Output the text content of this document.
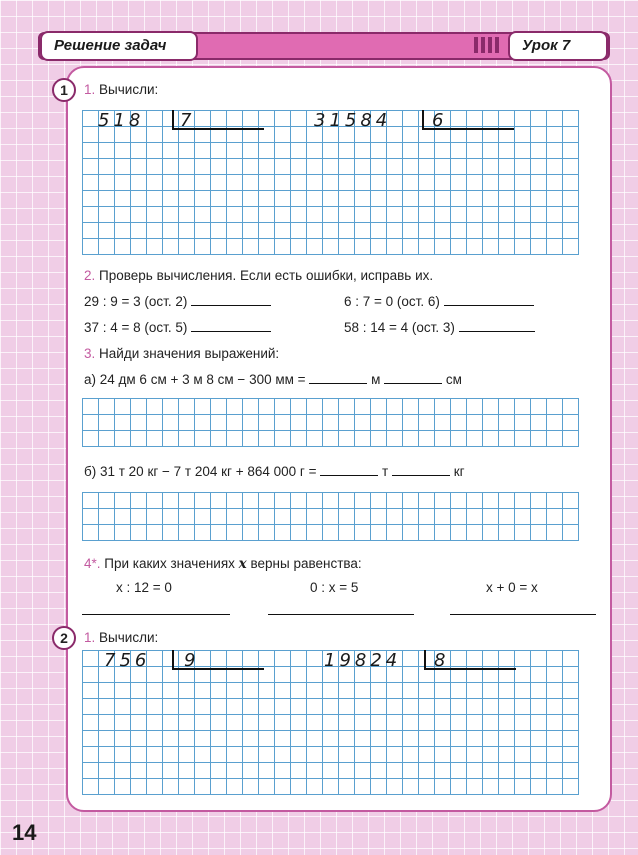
Решение задач	Урок 7
1	1. Вычисли:
518 7	31584 6
2. Проверь вычисления. Если есть ошибки, исправь их.
29 : 9 = 3 (ост. 2)	6 : 7 = 0 (ост. 6)
37 : 4 = 8 (ост. 5)	58 : 14 = 4 (ост. 3)
3. Найди значения выражений:
а) 24 дм 6 см + 3 м 8 см − 300 мм =	м	см
б) 31 т 20 кг − 7 т 204 кг + 864 000 г =	т	кг
4*. При каких значениях x верны равенства:
x : 12 = 0	0 : x = 5	x + 0 = x
2	1. Вычисли:
756 9	19824 8
14
